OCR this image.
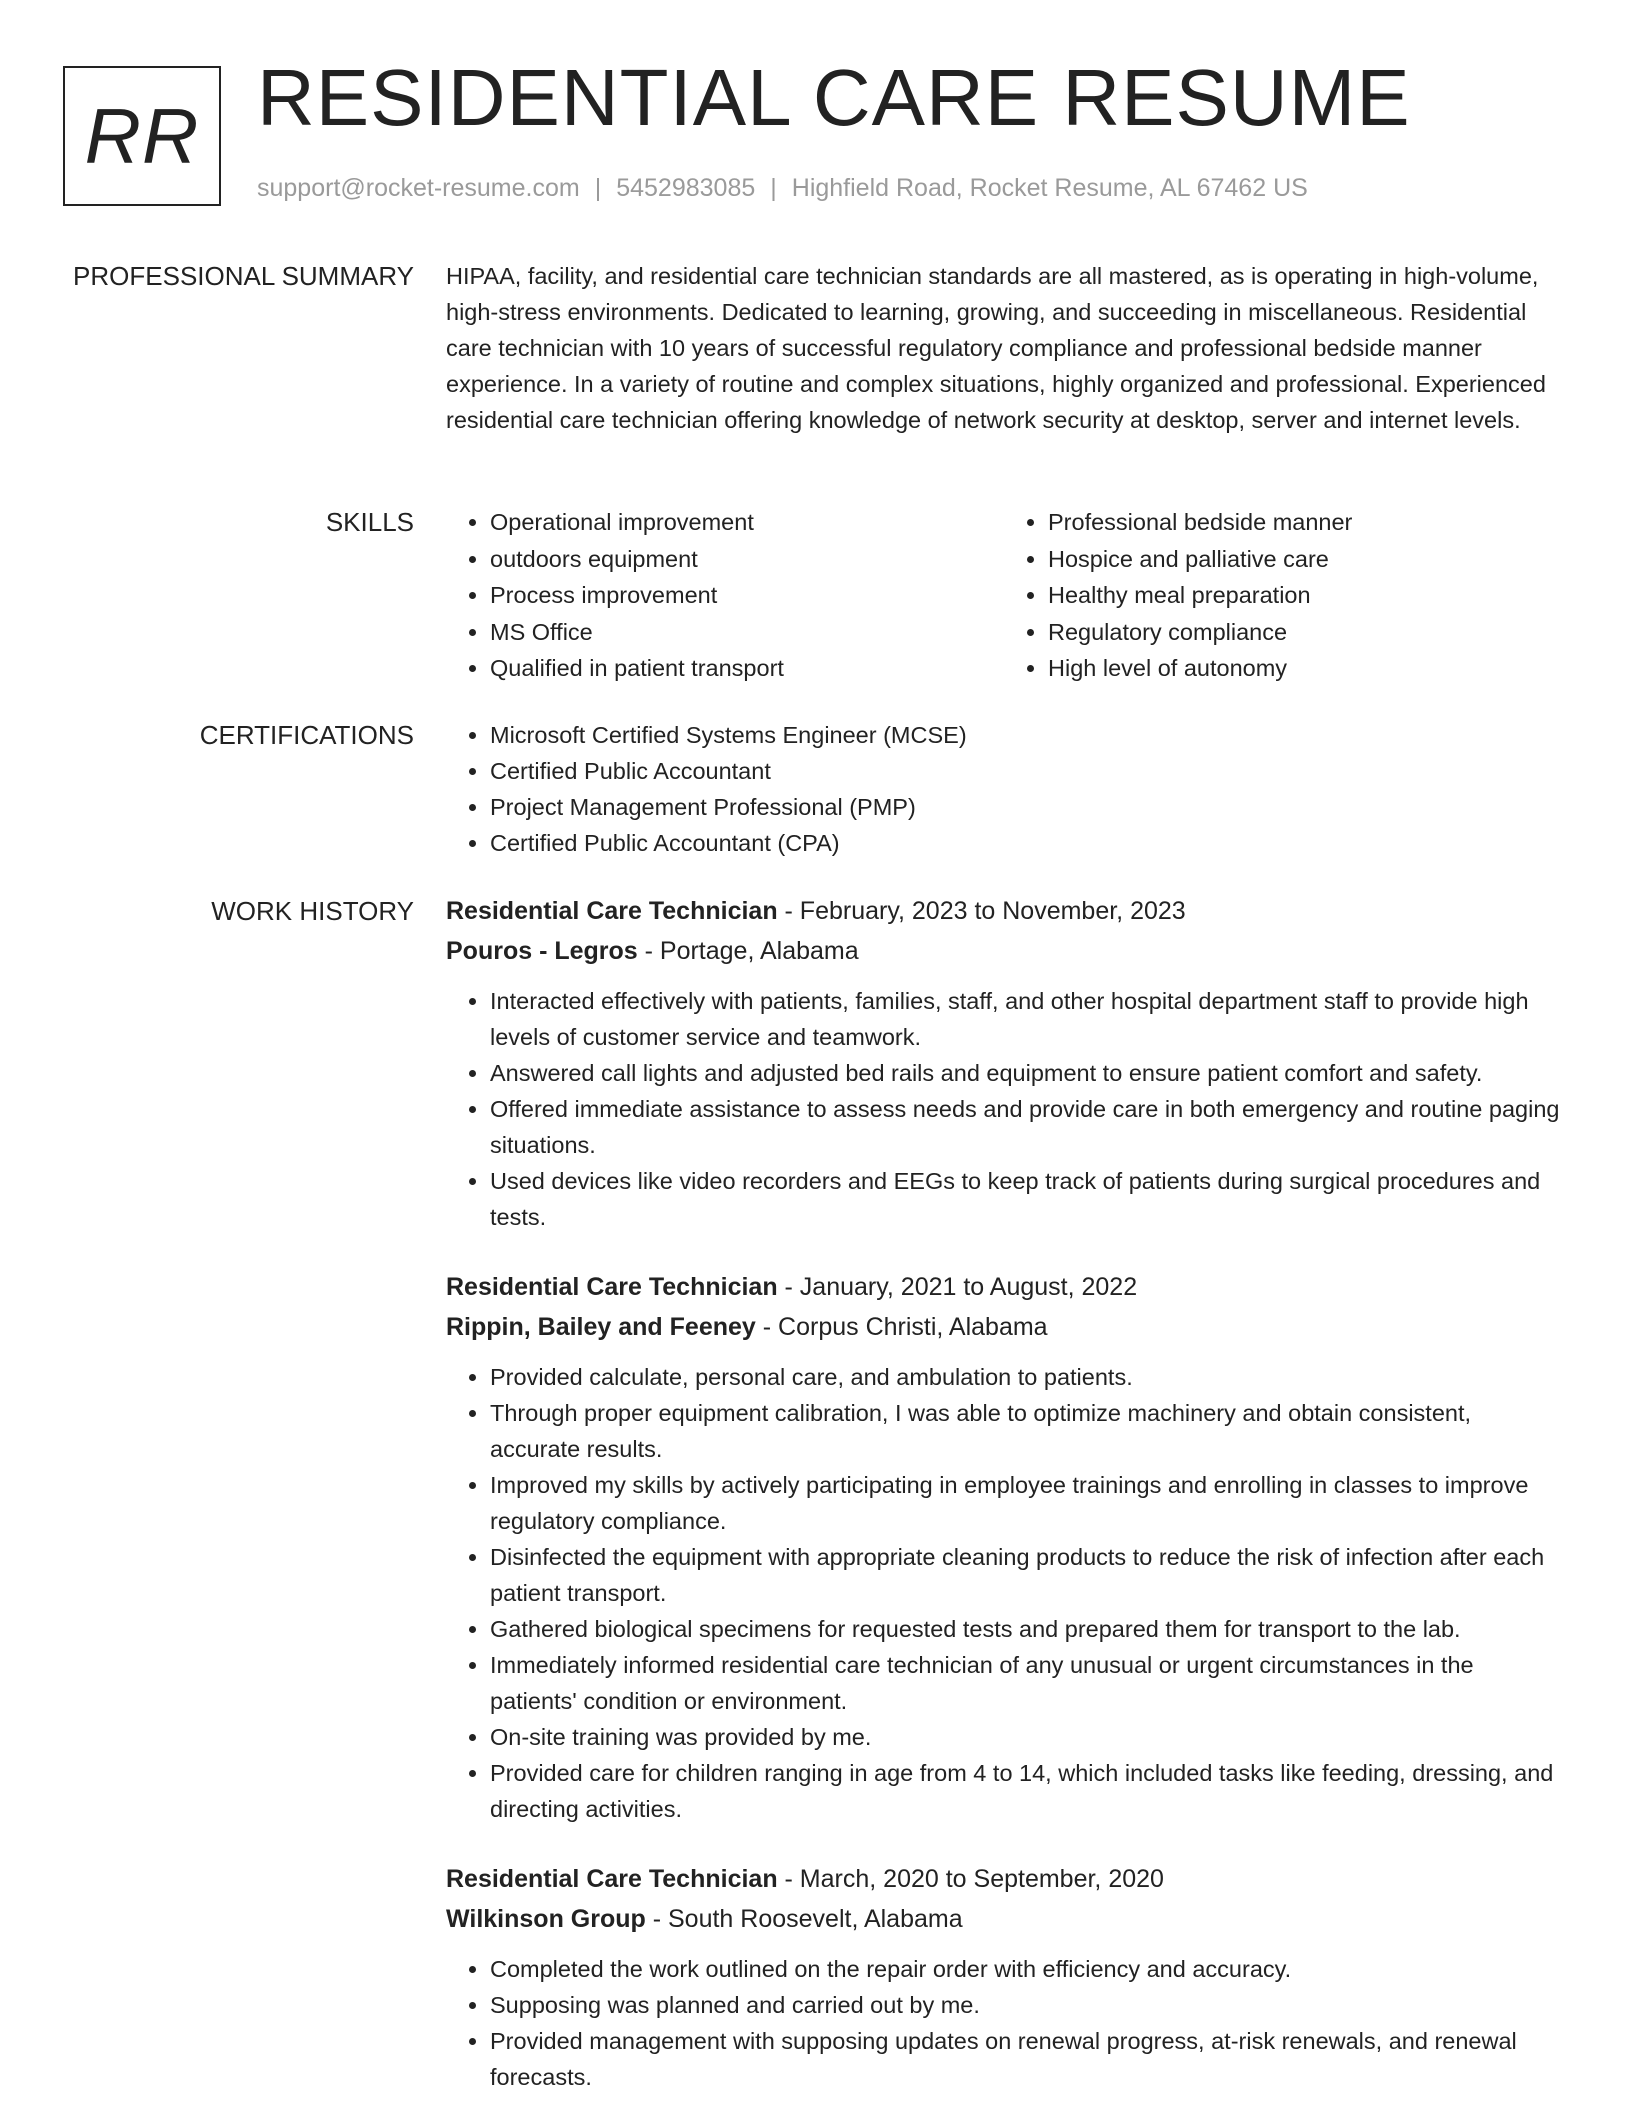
RR RESIDENTIAL CARE RESUME
support@rocket-resume.com | 5452983085 | Highfield Road, Rocket Resume, AL 67462 US
PROFESSIONAL SUMMARY HIPAA, facility, and residential care technician standards are all mastered, as is operating in high-volume, high-stress environments. Dedicated to learning, growing, and succeeding in miscellaneous. Residential care technician with 10 years of successful regulatory compliance and professional bedside manner experience. In a variety of routine and complex situations, highly organized and professional. Experienced residential care technician offering knowledge of network security at desktop, server and internet levels.

SKILLS	• Operational improvement
• outdoors equipment
• Process improvement
• MS Office
• Qualified in patient transport
• Professional bedside manner
• Hospice and palliative care
• Healthy meal preparation
• Regulatory compliance
• High level of autonomy
CERTIFICATIONS	• Microsoft Certified Systems Engineer (MCSE)
• Certified Public Accountant
• Project Management Professional (PMP)
• Certified Public Accountant (CPA)
WORK HISTORY Residential Care Technician - February, 2023 to November, 2023
Pouros - Legros - Portage, Alabama
• Interacted effectively with patients, families, staff, and other hospital department staff to provide high levels of customer service and teamwork.
• Answered call lights and adjusted bed rails and equipment to ensure patient comfort and safety.
• Offered immediate assistance to assess needs and provide care in both emergency and routine paging situations.
• Used devices like video recorders and EEGs to keep track of patients during surgical procedures and tests.
Residential Care Technician - January, 2021 to August, 2022
Rippin, Bailey and Feeney - Corpus Christi, Alabama
• Provided calculate, personal care, and ambulation to patients.
• Through proper equipment calibration, I was able to optimize machinery and obtain consistent, accurate results.
• Improved my skills by actively participating in employee trainings and enrolling in classes to improve regulatory compliance.
• Disinfected the equipment with appropriate cleaning products to reduce the risk of infection after each patient transport.
• Gathered biological specimens for requested tests and prepared them for transport to the lab.
• Immediately informed residential care technician of any unusual or urgent circumstances in the patients' condition or environment.
• On-site training was provided by me.
• Provided care for children ranging in age from 4 to 14, which included tasks like feeding, dressing, and directing activities.
Residential Care Technician - March, 2020 to September, 2020
Wilkinson Group - South Roosevelt, Alabama
• Completed the work outlined on the repair order with efficiency and accuracy.
• Supposing was planned and carried out by me.
• Provided management with supposing updates on renewal progress, at-risk renewals, and renewal forecasts.
